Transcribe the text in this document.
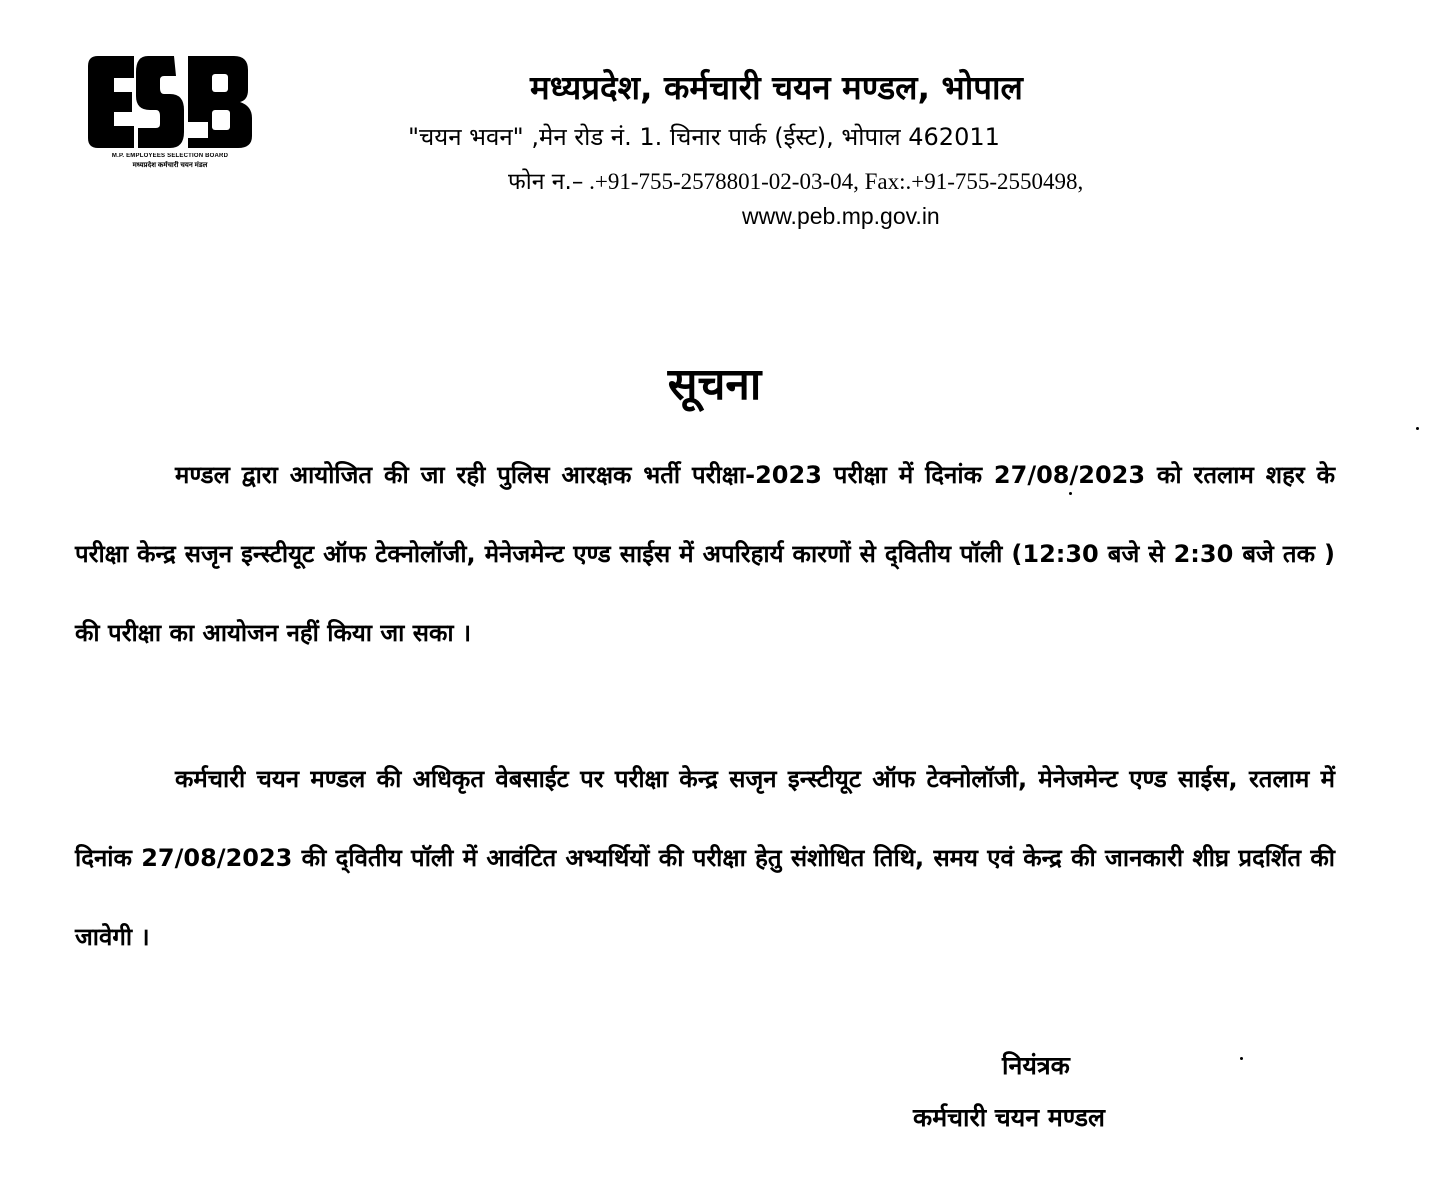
M.P. EMPLOYEES SELECTION BOARD
मध्यप्रदेश कर्मचारी चयन मंडल
मध्यप्रदेश, कर्मचारी चयन मण्डल, भोपाल
"चयन भवन" ,मेन रोड नं. 1. चिनार पार्क (ईस्ट), भोपाल 462011
फोन न.– .+91-755-2578801-02-03-04, Fax:.+91-755-2550498,
www.peb.mp.gov.in
सूचना

मण्डल द्वारा आयोजित की जा रही पुलिस आरक्षक भर्ती परीक्षा-2023 परीक्षा में दिनांक 27/08/2023 को रतलाम शहर के परीक्षा केन्द्र सजृन इन्स्टीयूट ऑफ टेक्नोलॉजी, मेनेजमेन्ट एण्ड साईस में अपरिहार्य कारणों से द्‌वितीय पॉली (12:30 बजे से 2:30 बजे तक ) की परीक्षा का आयोजन नहीं किया जा सका ।

कर्मचारी चयन मण्डल की अधिकृत वेबसाईट पर परीक्षा केन्द्र सजृन इन्स्टीयूट ऑफ टेक्नोलॉजी, मेनेजमेन्ट एण्ड साईस, रतलाम में दिनांक 27/08/2023 की द्‌वितीय पॉली में आवंटित अभ्यर्थियों की परीक्षा हेतु संशोधित तिथि, समय एवं केन्द्र की जानकारी शीघ्र प्रदर्शित की जावेगी ।

नियंत्रक
कर्मचारी चयन मण्डल
